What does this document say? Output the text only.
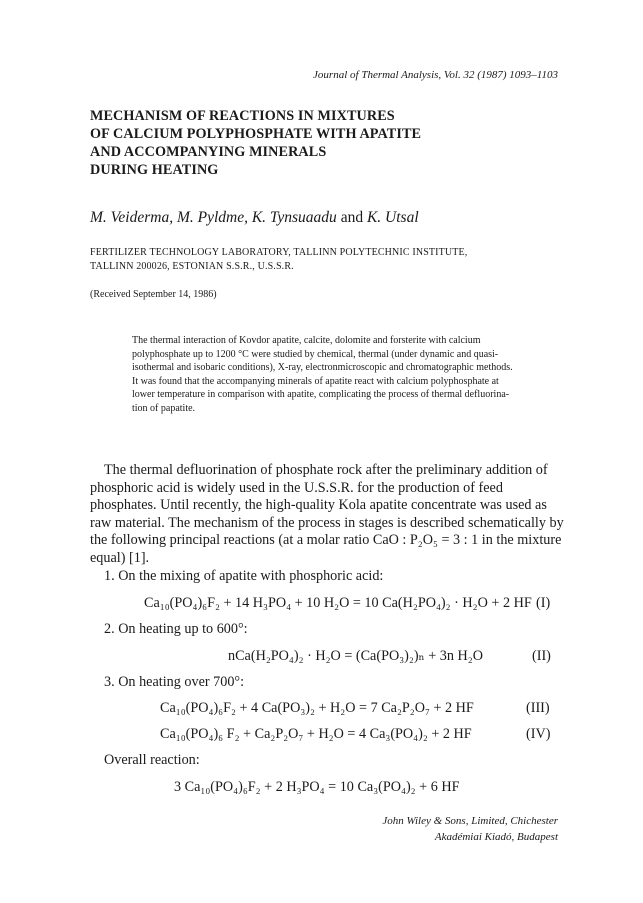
Journal of Thermal Analysis, Vol. 32 (1987) 1093–1103
MECHANISM OF REACTIONS IN MIXTURES
OF CALCIUM POLYPHOSPHATE WITH APATITE
AND ACCOMPANYING MINERALS
DURING HEATING
M. Veiderma, M. Pyldme, K. Tynsuaadu and K. Utsal
FERTILIZER TECHNOLOGY LABORATORY, TALLINN POLYTECHNIC INSTITUTE,
TALLINN 200026, ESTONIAN S.S.R., U.S.S.R.
(Received September 14, 1986)
The thermal interaction of Kovdor apatite, calcite, dolomite and forsterite with calcium
polyphosphate up to 1200 °C were studied by chemical, thermal (under dynamic and quasi-
isothermal and isobaric conditions), X-ray, electronmicroscopic and chromatographic methods.
It was found that the accompanying minerals of apatite react with calcium polyphosphate at
lower temperature in comparison with apatite, complicating the process of thermal defluorina-
tion of papatite.
The thermal defluorination of phosphate rock after the preliminary addition of
phosphoric acid is widely used in the U.S.S.R. for the production of feed
phosphates. Until recently, the high-quality Kola apatite concentrate was used as
raw material. The mechanism of the process in stages is described schematically by
the following principal reactions (at a molar ratio CaO : P₂O₅ = 3 : 1 in the mixture
equal) [1].
1. On the mixing of apatite with phosphoric acid:
Ca₁₀(PO₄)₆F₂ + 14 H₃PO₄ + 10 H₂O = 10 Ca(H₂PO₄)₂ · H₂O + 2 HF (I)
2. On heating up to 600°:
nCa(H₂PO₄)₂ · H₂O = (Ca(PO₃)₂)ₙ + 3n H₂O	(II)
3. On heating over 700°:
Ca₁₀(PO₄)₆F₂ + 4 Ca(PO₃)₂ + H₂O = 7 Ca₂P₂O₇ + 2 HF	(III)
Ca₁₀(PO₄)₆ F₂ + Ca₂P₂O₇ + H₂O = 4 Ca₃(PO₄)₂ + 2 HF	(IV)
Overall reaction:
3 Ca₁₀(PO₄)₆F₂ + 2 H₃PO₄ = 10 Ca₃(PO₄)₂ + 6 HF
John Wiley & Sons, Limited, Chichester
Akadémiai Kiadó, Budapest
